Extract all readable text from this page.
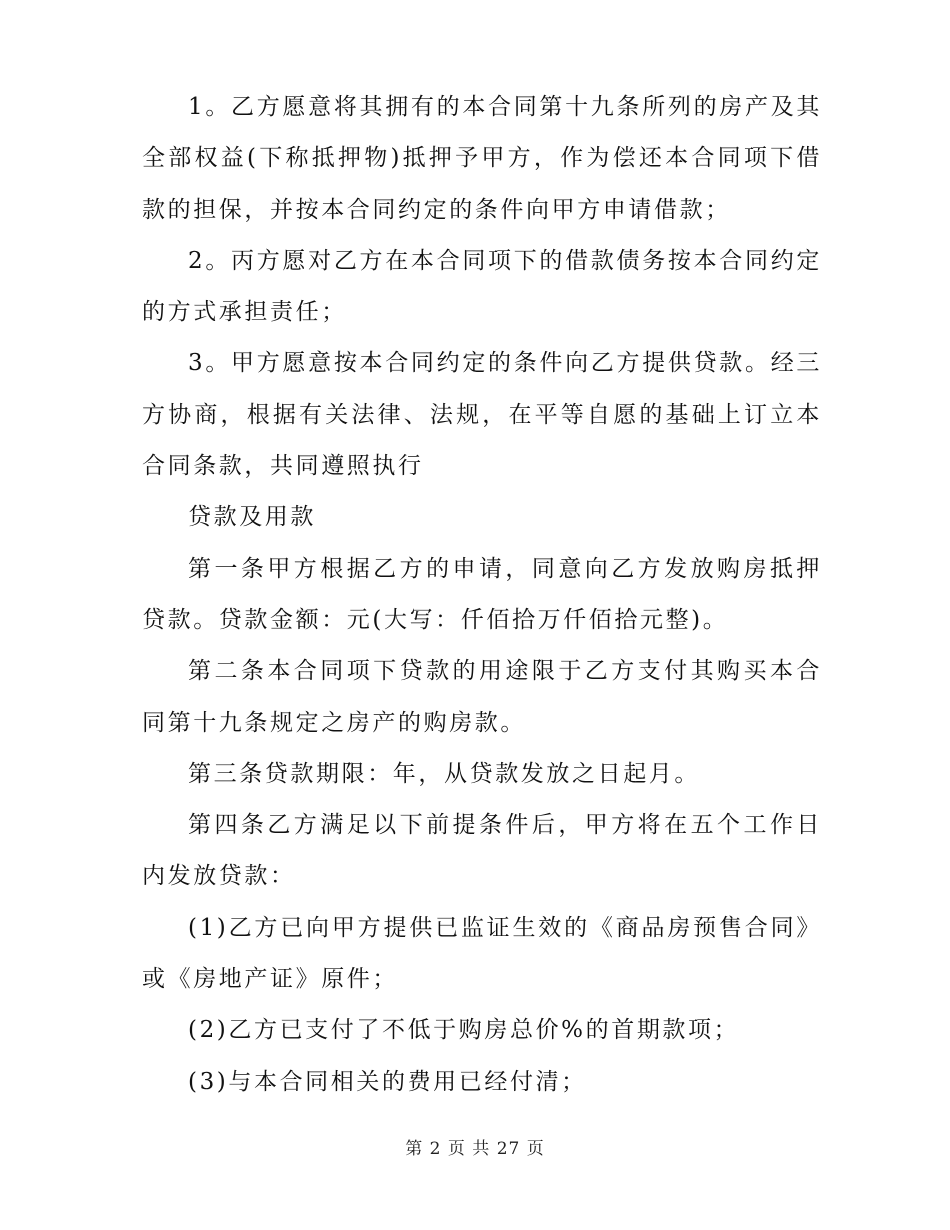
1。乙方愿意将其拥有的本合同第十九条所列的房产及其全部权益(下称抵押物)抵押予甲方，作为偿还本合同项下借款的担保，并按本合同约定的条件向甲方申请借款；

2。丙方愿对乙方在本合同项下的借款债务按本合同约定的方式承担责任；

3。甲方愿意按本合同约定的条件向乙方提供贷款。经三方协商，根据有关法律、法规，在平等自愿的基础上订立本合同条款，共同遵照执行

贷款及用款

第一条甲方根据乙方的申请，同意向乙方发放购房抵押贷款。贷款金额：元(大写：仟佰拾万仟佰拾元整)。

第二条本合同项下贷款的用途限于乙方支付其购买本合同第十九条规定之房产的购房款。

第三条贷款期限：年，从贷款发放之日起月。

第四条乙方满足以下前提条件后，甲方将在五个工作日内发放贷款：

(1)乙方已向甲方提供已监证生效的《商品房预售合同》或《房地产证》原件；

(2)乙方已支付了不低于购房总价%的首期款项；

(3)与本合同相关的费用已经付清；

第 2 页 共 27 页
